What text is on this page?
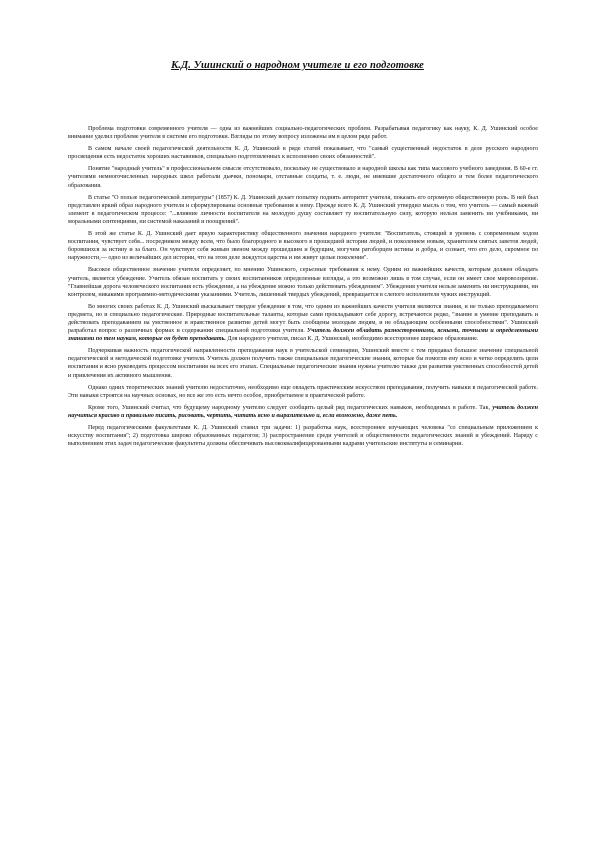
К.Д. Ушинский о народном учителе и его подготовке

Проблема подготовки современного учителя — одна из важнейших социально-педагогических проблем. Разрабатывая педагогику как науку, К. Д. Ушинский особое внимание уделил проблеме учителя в системе его подготовки. Взгляды по этому вопросу изложены им в целом ряде работ.

В самом начале своей педагогической деятельности К. Д. Ушинский в ряде статей показывает, что "самый существенный недостаток в деле русского народного просвещения есть недостаток хороших наставников, специально подготовленных к исполнению своих обязанностей".

Понятие "народный учитель" в профессиональном смысле отсутствовало, поскольку не существовало и народной школы как типа массового учебного заведения. В 60-е гг. учителями немногочисленных народных школ работали дьячки, пономари, отставные солдаты, т. е. люди, не имевшие достаточного общего и тем более педагогического образования.

В статье "О пользе педагогической литературы" (1857) К. Д. Ушинский делает попытку поднять авторитет учителя, показать его огромную общественную роль. В ней был представлен яркий образ народного учителя и сформулированы основные требования к нему. Прежде всего К. Д. Ушинский утвердил мысль о том, что учитель — самый важный элемент в педагогическом процессе: "...влияние личности воспитателя на молодую душу составляет ту воспитательную силу, которую нельзя заменить ни учебниками, ни моральными сентенциями, ни системой наказаний и поощрений".

В этой же статье К. Д. Ушинский дает яркую характеристику общественного значения народного учителя: "Воспитатель, стоящий в уровень с современным ходом воспитания, чувствует себя... посредником между всем, что было благородного и высокого в прошедшей истории людей, и поколением новым, хранителем святых заветов людей, боровшихся за истину и за благо. Он чувствует себя живым звеном между прошедшим и будущим, могучим ратоборцем истины и добра, и сознает, что его дело, скромное по наружности,— одно из величайших дел истории, что на этом деле зиждутся царства и им живут целые поколения".

Высокое общественное значение учителя определяет, по мнению Ушинского, серьезные требования к нему. Одним из важнейших качеств, которым должен обладать учитель, является убеждение. Учитель обязан воспитать у своих воспитанников определенные взгляды, а это возможно лишь в том случае, если он имеет свое мировоззрение. "Главнейшая дорога человеческого воспитания есть убеждение, а на убеждение можно только действовать убеждением". Убеждения учителя нельзя заменить ни инструкциями, ни контролем, никакими программно-методическими указаниями. Учитель, лишенный твердых убеждений, превращается в слепого исполнителя чужих инструкций.

Во многих своих работах К. Д. Ушинский высказывает твердое убеждение в том, что одним из важнейших качеств учителя являются знания, и не только преподаваемого предмета, но и специально педагогические. Природные воспитательные таланты, которые сами прокладывают себе дорогу, встречаются редко, "знание и умение преподавать и действовать преподаванием на умственное и нравственное развитие детей могут быть сообщены молодым людям, и не обладающим особенными способностями". Ушинский разработал вопрос о различных формах и содержании специальной подготовки учителя. Учитель должен обладать разносторонними, ясными, точными и определенными знаниями по тем наукам, которые он будет преподавать. Для народного учителя, писал К. Д. Ушинский, необходимо всестороннее широкое образование.

Подчеркивая важность педагогической направленности преподавания наук в учительской семинарии, Ушинский вместе с тем придавал большое значение специальной педагогической и методической подготовке учителя. Учитель должен получить также специальные педагогические знания, которые бы помогли ему ясно и четко определить цели воспитания и ясно руководить процессом воспитания на всех его этапах. Специальные педагогические знания нужны учителю также для развития умственных способностей детей и привлечения их активного мышления.

Однако одних теоретических знаний учителю недостаточно, необходимо еще овладеть практическим искусством преподавания, получить навыки в педагогической работе. Эти навыки строятся на научных основах, но все же это есть нечто особое, приобретаемое в практической работе.

Кроме того, Ушинский считал, что будущему народному учителю следует сообщить целый ряд педагогических навыков, необходимых в работе. Так, учитель должен научиться красиво и правильно писать, рисовать, чертить, читать ясно и выразительно и, если возможно, даже петь.

Перед педагогическими факультетами К. Д. Ушинский ставил три задачи: 1) разработка наук, всестороннее изучающих человека "со специальным приложением к искусству воспитания"; 2) подготовка широко образованных педагогов; 3) распространение среди учителей и общественности педагогических знаний и убеждений. Наряду с выполнением этих задач педагогические факультеты должны обеспечивать высококвалифицированными кадрами учительские институты и семинарии.
